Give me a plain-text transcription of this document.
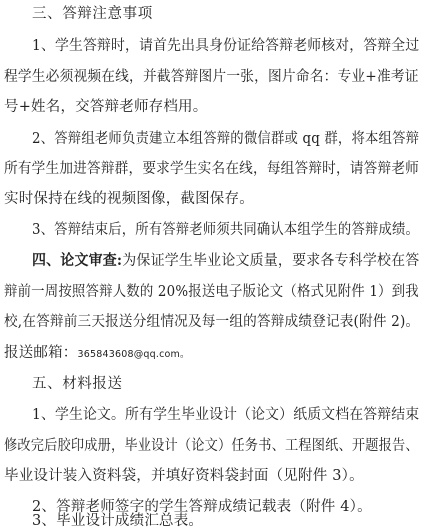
三、答辩注意事项
1、学生答辩时，请首先出具身份证给答辩老师核对，答辩全过
程学生必须视频在线，并截答辩图片一张，图片命名：专业+准考证
号+姓名，交答辩老师存档用。
2、答辩组老师负责建立本组答辩的微信群或 qq 群，将本组答辩
所有学生加进答辩群，要求学生实名在线，每组答辩时，请答辩老师
实时保持在线的视频图像，截图保存。
3、答辩结束后，所有答辩老师须共同确认本组学生的答辩成绩。
四、论文审查:为保证学生毕业论文质量，要求各专科学校在答
辩前一周按照答辩人数的 20%报送电子版论文（格式见附件 1）到我
校,在答辩前三天报送分组情况及每一组的答辩成绩登记表(附件 2)。
报送邮箱：365843608@qq.com。
五、材料报送
1、学生论文。所有学生毕业设计（论文）纸质文档在答辩结束
修改完后胶印成册，毕业设计（论文）任务书、工程图纸、开题报告、
毕业设计装入资料袋，并填好资料袋封面（见附件 3）。
2、答辩老师签字的学生答辩成绩记载表（附件 4）。
3、毕业设计成绩汇总表。
